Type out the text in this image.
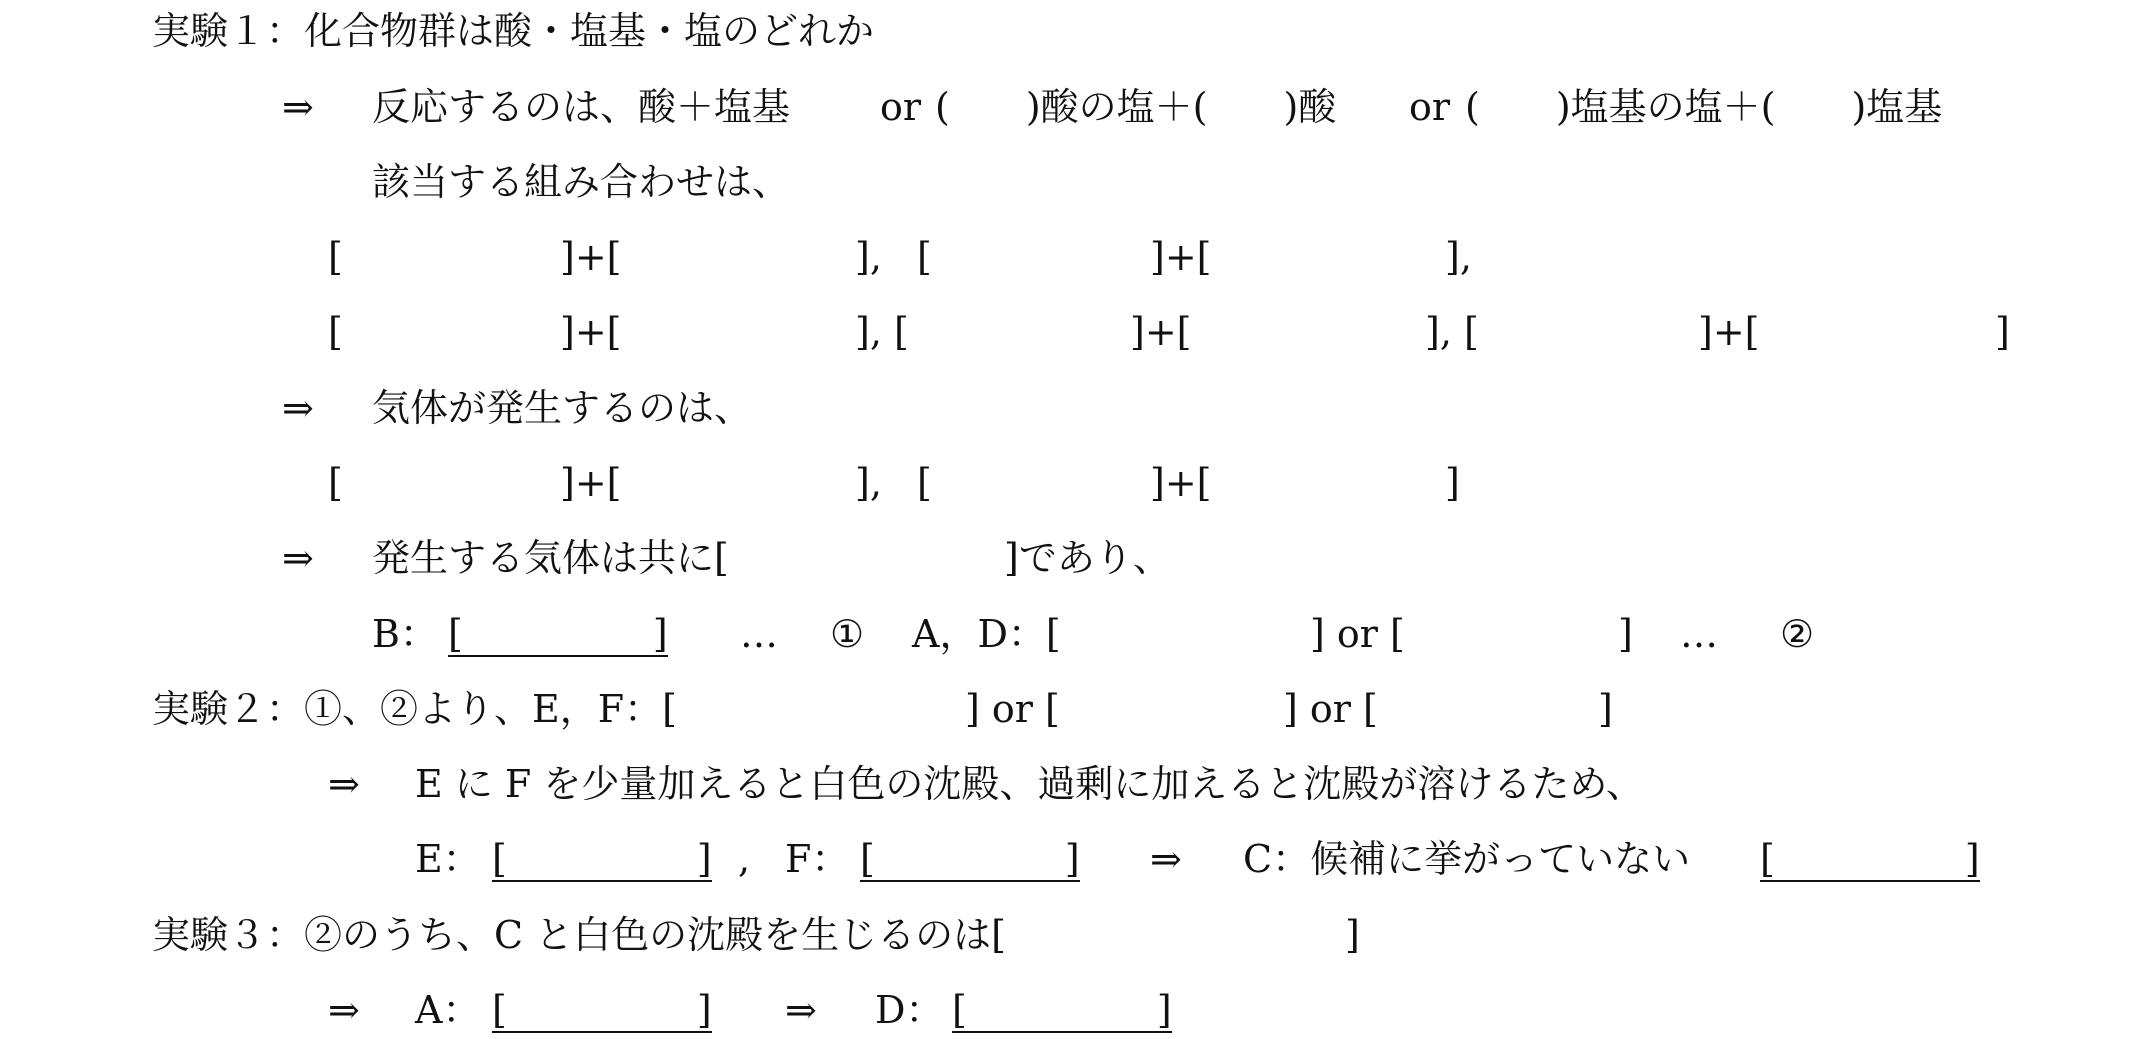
実験１：化合物群は酸・塩基・塩のどれか
⇒ 反応するのは、酸＋塩基 or (　　)酸の塩＋(　　)酸 or (　　)塩基の塩＋(　　)塩基
該当する組み合わせは、
[	]+[	], [	]+[	],
[	]+[	], [	]+[	], [	]+[	]
⇒ 気体が発生するのは、
[	]+[	], [	]+[	]
⇒ 発生する気体は共に[	]であり、
B： [　　　　　] … ① A，D：[	] or [	] … ②
実験２：①、②より、E，F：[	] or [	] or [	]
⇒ E に F を少量加えると白色の沈殿、過剰に加えると沈殿が溶けるため、
E： [　　　　　] , F： [　　　　　] ⇒ C：候補に挙がっていない [　　　　　]
実験３：②のうち、C と白色の沈殿を生じるのは[	]
⇒ A： [　　　　　] ⇒ D： [　　　　　]
